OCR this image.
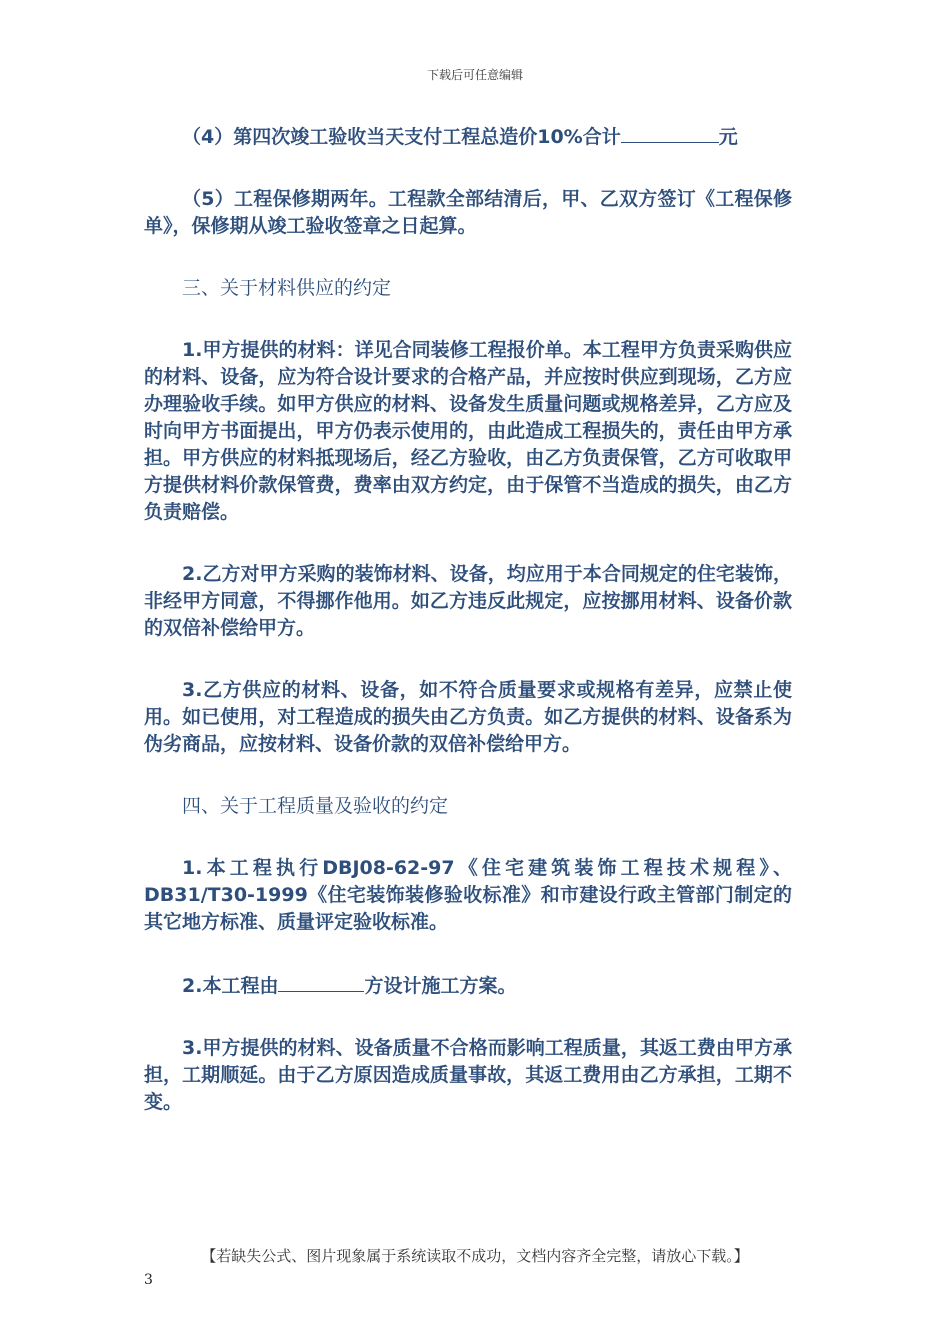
下载后可任意编辑

（4）第四次竣工验收当天支付工程总造价10%合计	元

（5）工程保修期两年。工程款全部结清后，甲、乙双方签订《工程保修单》，保修期从竣工验收签章之日起算。

三、关于材料供应的约定

1.甲方提供的材料：详见合同装修工程报价单。本工程甲方负责采购供应的材料、设备，应为符合设计要求的合格产品，并应按时供应到现场，乙方应办理验收手续。如甲方供应的材料、设备发生质量问题或规格差异，乙方应及时向甲方书面提出，甲方仍表示使用的，由此造成工程损失的，责任由甲方承担。甲方供应的材料抵现场后，经乙方验收，由乙方负责保管，乙方可收取甲方提供材料价款保管费，费率由双方约定，由于保管不当造成的损失，由乙方负责赔偿。

2.乙方对甲方采购的装饰材料、设备，均应用于本合同规定的住宅装饰，非经甲方同意，不得挪作他用。如乙方违反此规定，应按挪用材料、设备价款的双倍补偿给甲方。

3.乙方供应的材料、设备，如不符合质量要求或规格有差异，应禁止使用。如已使用，对工程造成的损失由乙方负责。如乙方提供的材料、设备系为伪劣商品，应按材料、设备价款的双倍补偿给甲方。

四、关于工程质量及验收的约定

1.本工程执行DBJ08-62-97《住宅建筑装饰工程技术规程》、DB31/T30-1999《住宅装饰装修验收标准》和市建设行政主管部门制定的其它地方标准、质量评定验收标准。

2.本工程由	方设计施工方案。

3.甲方提供的材料、设备质量不合格而影响工程质量，其返工费由甲方承担，工期顺延。由于乙方原因造成质量事故，其返工费用由乙方承担，工期不变。

【若缺失公式、图片现象属于系统读取不成功，文档内容齐全完整，请放心下载。】
3
